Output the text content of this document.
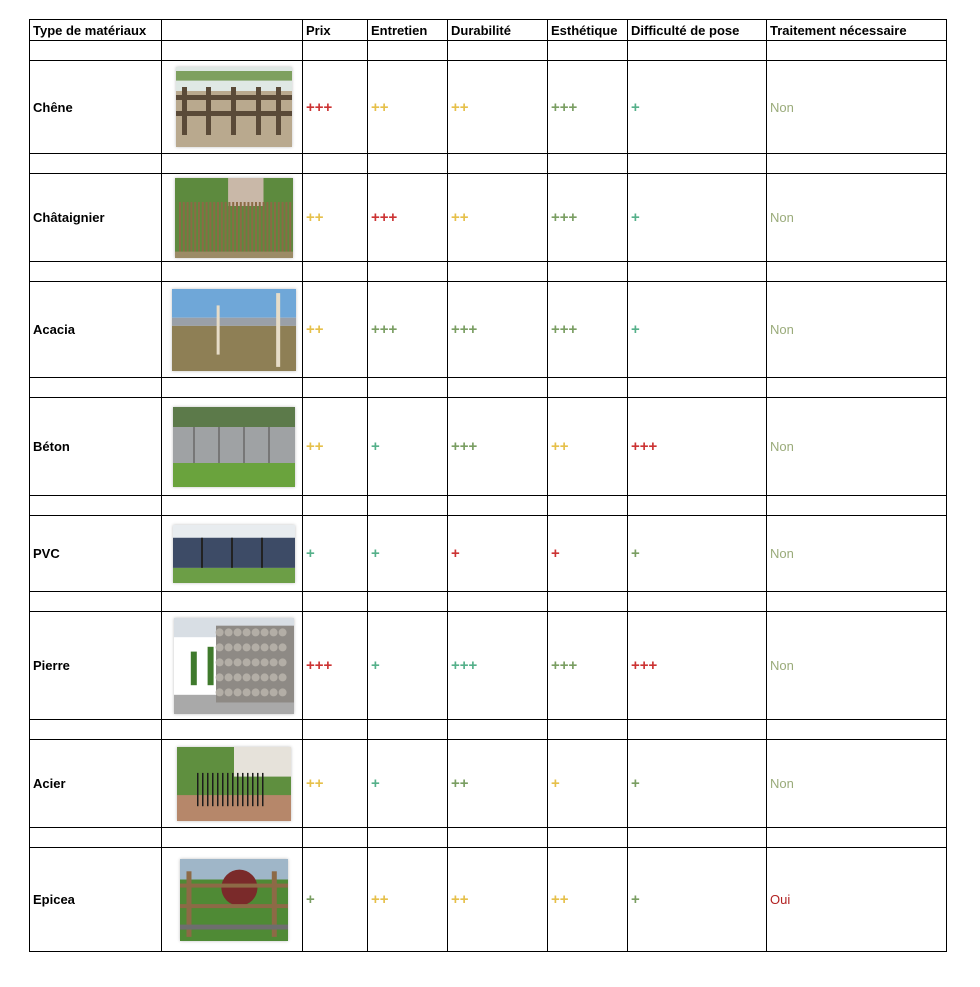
Type de matériaux		Prix	Entretien	Durabilité	Esthétique	Difficulté de pose	Traitement nécessaire

Chêne		+++	++	++	+++	+	Non

Châtaignier		++	+++	++	+++	+	Non

Acacia		++	+++	+++	+++	+	Non

Béton		++	+	+++	++	+++	Non

PVC		+	+	+	+	+	Non

Pierre		+++	+	+++	+++	+++	Non

Acier		++	+	++	+	+	Non

Epicea		+	++	++	++	+	Oui
